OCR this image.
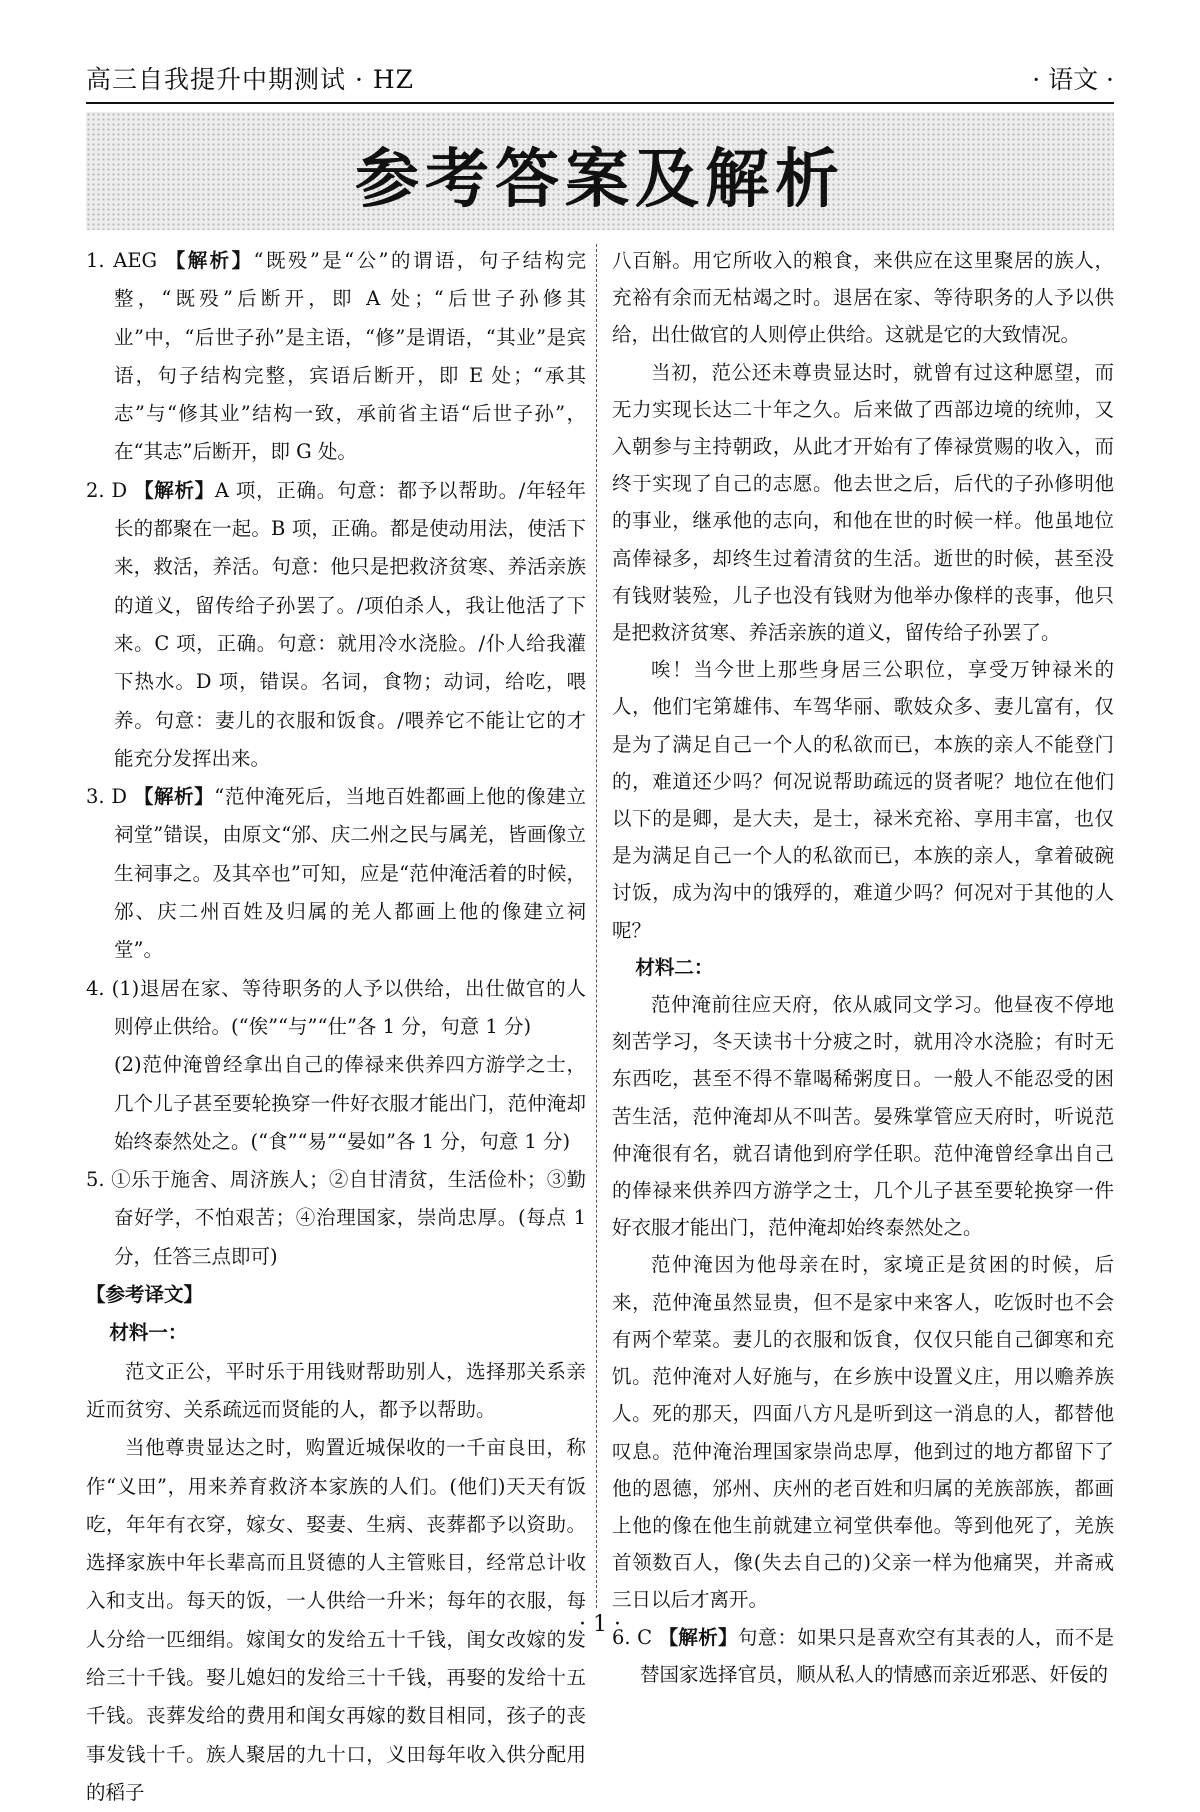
高三自我提升中期测试 · HZ	· 语文 ·
参考答案及解析

1. AEG 【解析】“既殁”是“公”的谓语，句子结构完整，“既殁”后断开，即 A 处；“后世子孙修其业”中，“后世子孙”是主语，“修”是谓语，“其业”是宾语，句子结构完整，宾语后断开，即 E 处；“承其志”与“修其业”结构一致，承前省主语“后世子孙”，在“其志”后断开，即 G 处。

2. D 【解析】A 项，正确。句意：都予以帮助。/年轻年长的都聚在一起。B 项，正确。都是使动用法，使活下来，救活，养活。句意：他只是把救济贫寒、养活亲族的道义，留传给子孙罢了。/项伯杀人，我让他活了下来。C 项，正确。句意：就用冷水浇脸。/仆人给我灌下热水。D 项，错误。名词，食物；动词，给吃，喂养。句意：妻儿的衣服和饭食。/喂养它不能让它的才能充分发挥出来。

3. D 【解析】“范仲淹死后，当地百姓都画上他的像建立祠堂”错误，由原文“邠、庆二州之民与属羌，皆画像立生祠事之。及其卒也”可知，应是“范仲淹活着的时候，邠、庆二州百姓及归属的羌人都画上他的像建立祠堂”。

4. (1)退居在家、等待职务的人予以供给，出仕做官的人则停止供给。(“俟”“与”“仕”各 1 分，句意 1 分)

(2)范仲淹曾经拿出自己的俸禄来供养四方游学之士，几个儿子甚至要轮换穿一件好衣服才能出门，范仲淹却始终泰然处之。(“食”“易”“晏如”各 1 分，句意 1 分)

5. ①乐于施舍、周济族人；②自甘清贫，生活俭朴；③勤奋好学，不怕艰苦；④治理国家，崇尚忠厚。(每点 1 分，任答三点即可)

【参考译文】

材料一：

范文正公，平时乐于用钱财帮助别人，选择那关系亲近而贫穷、关系疏远而贤能的人，都予以帮助。

当他尊贵显达之时，购置近城保收的一千亩良田，称作“义田”，用来养育救济本家族的人们。(他们)天天有饭吃，年年有衣穿，嫁女、娶妻、生病、丧葬都予以资助。选择家族中年长辈高而且贤德的人主管账目，经常总计收入和支出。每天的饭，一人供给一升米；每年的衣服，每人分给一匹细绢。嫁闺女的发给五十千钱，闺女改嫁的发给三十千钱。娶儿媳妇的发给三十千钱，再娶的发给十五千钱。丧葬发给的费用和闺女再嫁的数目相同，孩子的丧事发钱十千。族人聚居的九十口，义田每年收入供分配用的稻子

八百斛。用它所收入的粮食，来供应在这里聚居的族人，充裕有余而无枯竭之时。退居在家、等待职务的人予以供给，出仕做官的人则停止供给。这就是它的大致情况。

当初，范公还未尊贵显达时，就曾有过这种愿望，而无力实现长达二十年之久。后来做了西部边境的统帅，又入朝参与主持朝政，从此才开始有了俸禄赏赐的收入，而终于实现了自己的志愿。他去世之后，后代的子孙修明他的事业，继承他的志向，和他在世的时候一样。他虽地位高俸禄多，却终生过着清贫的生活。逝世的时候，甚至没有钱财装殓，儿子也没有钱财为他举办像样的丧事，他只是把救济贫寒、养活亲族的道义，留传给子孙罢了。

唉！当今世上那些身居三公职位，享受万钟禄米的人，他们宅第雄伟、车驾华丽、歌妓众多、妻儿富有，仅是为了满足自己一个人的私欲而已，本族的亲人不能登门的，难道还少吗？何况说帮助疏远的贤者呢？地位在他们以下的是卿，是大夫，是士，禄米充裕、享用丰富，也仅是为满足自己一个人的私欲而已，本族的亲人，拿着破碗讨饭，成为沟中的饿殍的，难道少吗？何况对于其他的人呢？

材料二：

范仲淹前往应天府，依从戚同文学习。他昼夜不停地刻苦学习，冬天读书十分疲之时，就用冷水浇脸；有时无东西吃，甚至不得不靠喝稀粥度日。一般人不能忍受的困苦生活，范仲淹却从不叫苦。晏殊掌管应天府时，听说范仲淹很有名，就召请他到府学任职。范仲淹曾经拿出自己的俸禄来供养四方游学之士，几个儿子甚至要轮换穿一件好衣服才能出门，范仲淹却始终泰然处之。

范仲淹因为他母亲在时，家境正是贫困的时候，后来，范仲淹虽然显贵，但不是家中来客人，吃饭时也不会有两个荤菜。妻儿的衣服和饭食，仅仅只能自己御寒和充饥。范仲淹对人好施与，在乡族中设置义庄，用以赡养族人。死的那天，四面八方凡是听到这一消息的人，都替他叹息。范仲淹治理国家崇尚忠厚，他到过的地方都留下了他的恩德，邠州、庆州的老百姓和归属的羌族部族，都画上他的像在他生前就建立祠堂供奉他。等到他死了，羌族首领数百人，像(失去自己的)父亲一样为他痛哭，并斋戒三日以后才离开。

6. C 【解析】句意：如果只是喜欢空有其表的人，而不是替国家选择官员，顺从私人的情感而亲近邪恶、奸佞的

· 1 ·
